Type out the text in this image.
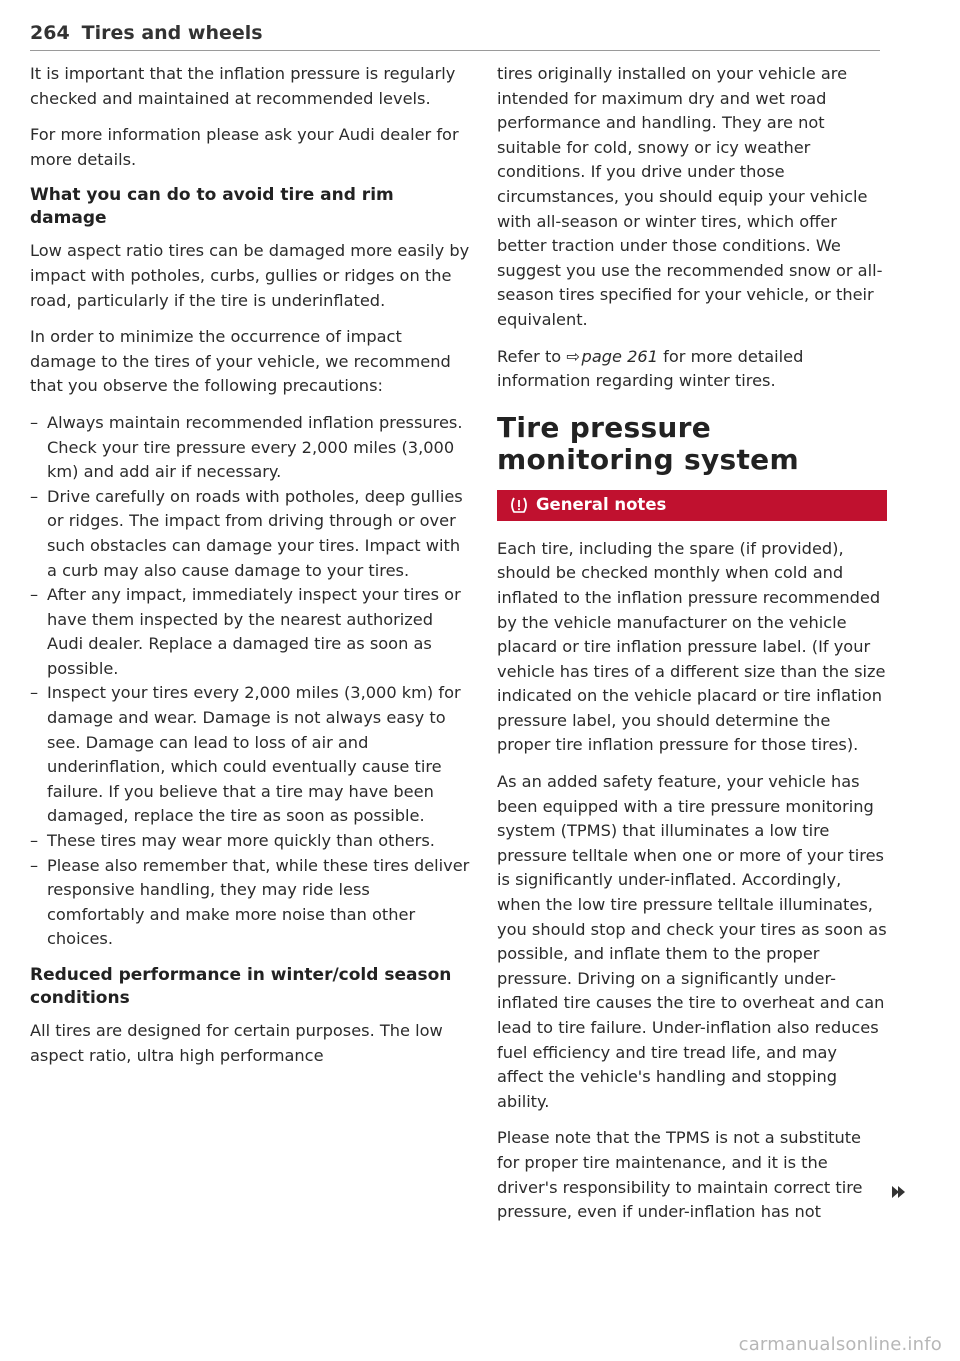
264 Tires and wheels

It is important that the inflation pressure is regularly checked and maintained at recommended levels.

For more information please ask your Audi dealer for more details.

What you can do to avoid tire and rim damage

Low aspect ratio tires can be damaged more easily by impact with potholes, curbs, gullies or ridges on the road, particularly if the tire is underinflated.

In order to minimize the occurrence of impact damage to the tires of your vehicle, we recommend that you observe the following precautions:

– Always maintain recommended inflation pressures. Check your tire pressure every 2,000 miles (3,000 km) and add air if necessary.
– Drive carefully on roads with potholes, deep gullies or ridges. The impact from driving through or over such obstacles can damage your tires. Impact with a curb may also cause damage to your tires.
– After any impact, immediately inspect your tires or have them inspected by the nearest authorized Audi dealer. Replace a damaged tire as soon as possible.
– Inspect your tires every 2,000 miles (3,000 km) for damage and wear. Damage is not always easy to see. Damage can lead to loss of air and underinflation, which could eventually cause tire failure. If you believe that a tire may have been damaged, replace the tire as soon as possible.
– These tires may wear more quickly than others.
– Please also remember that, while these tires deliver responsive handling, they may ride less comfortably and make more noise than other choices.
Reduced performance in winter/cold season conditions

All tires are designed for certain purposes. The low aspect ratio, ultra high performance

tires originally installed on your vehicle are intended for maximum dry and wet road performance and handling. They are not suitable for cold, snowy or icy weather conditions. If you drive under those circumstances, you should equip your vehicle with all-season or winter tires, which offer better traction under those conditions. We suggest you use the recommended snow or all-season tires specified for your vehicle, or their equivalent.

Refer to ⇨  page 261 for more detailed information regarding winter tires.

Tire pressure monitoring system
General notes

Each tire, including the spare (if provided), should be checked monthly when cold and inflated to the inflation pressure recommended by the vehicle manufacturer on the vehicle placard or tire inflation pressure label. (If your vehicle has tires of a different size than the size indicated on the vehicle placard or tire inflation pressure label, you should determine the proper tire inflation pressure for those tires).

As an added safety feature, your vehicle has been equipped with a tire pressure monitoring system (TPMS) that illuminates a low tire pressure telltale when one or more of your tires is significantly under-inflated. Accordingly, when the low tire pressure telltale illuminates, you should stop and check your tires as soon as possible, and inflate them to the proper pressure. Driving on a significantly under-inflated tire causes the tire to overheat and can lead to tire failure. Under-inflation also reduces fuel efficiency and tire tread life, and may affect the vehicle's handling and stopping ability.

Please note that the TPMS is not a substitute for proper tire maintenance, and it is the driver's responsibility to maintain correct tire pressure, even if under-inflation has not

carmanualsonline.info
